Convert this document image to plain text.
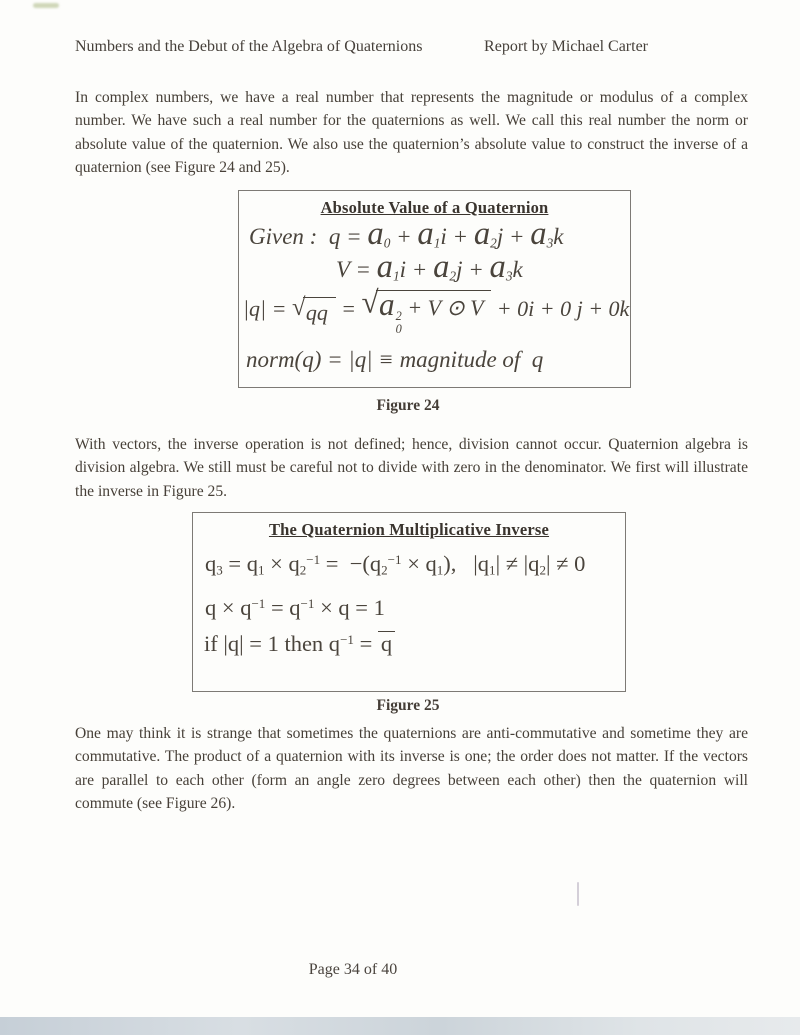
Numbers and the Debut of the Algebra of Quaternions	Report by Michael Carter

In complex numbers, we have a real number that represents the magnitude or modulus of a complex number. We have such a real number for the quaternions as well. We call this real number the norm or absolute value of the quaternion. We also use the quaternion’s absolute value to construct the inverse of a quaternion (see Figure 24 and 25).

Absolute Value of a Quaternion
Given :  $q = a_0 + a_1i + a_2j + a_3k$
$V = a_1i + a_2j + a_3k$
|q| = √ qq = √ a 2
0
+ V ⊙ V + 0i + 0 j + 0k
norm(q) = |q| ≡ magnitude of  q
Figure 24

With vectors, the inverse operation is not defined; hence, division cannot occur. Quaternion algebra is division algebra. We still must be careful not to divide with zero in the denominator. We first will illustrate the inverse in Figure 25.

The Quaternion Multiplicative Inverse
$q_3 = q_1 \times q_2^{-1} = -(q_2^{-1} \times q_1)$,   $|q_1| \ne |q_2| \ne 0$
$q \times q^{-1} = q^{-1} \times q = 1$
if |q| = 1 then $q^{-1} = q$
Figure 25

One may think it is strange that sometimes the quaternions are anti-commutative and sometime they are commutative. The product of a quaternion with its inverse is one; the order does not matter. If the vectors are parallel to each other (form an angle zero degrees between each other) then the quaternion will commute (see Figure 26).

Page 34 of 40
